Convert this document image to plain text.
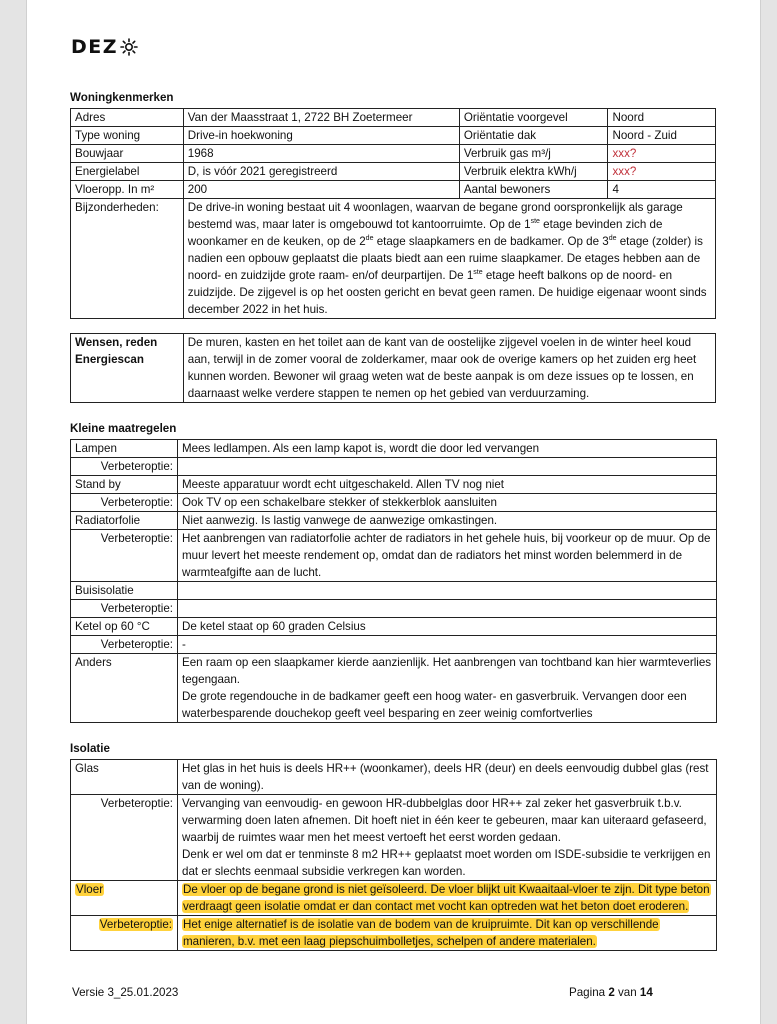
DEZ
Woningkenmerken
Adres	Van der Maasstraat 1, 2722 BH Zoetermeer	Oriëntatie voorgevel	Noord
Type woning	Drive-in hoekwoning	Oriëntatie dak	Noord - Zuid
Bouwjaar	1968	Verbruik gas m³/j	xxx?
Energielabel	D, is vóór 2021 geregistreerd	Verbruik elektra kWh/j	xxx?
Vloeropp. In m²	200	Aantal bewoners	4
Bijzonderheden:	De drive-in woning bestaat uit 4 woonlagen, waarvan de begane grond oorspronkelijk als garage bestemd was, maar later is omgebouwd tot kantoorruimte. Op de 1ste etage bevinden zich de woonkamer en de keuken, op de 2de etage slaapkamers en de badkamer. Op de 3de etage (zolder) is nadien een opbouw geplaatst die plaats biedt aan een ruime slaapkamer. De etages hebben aan de noord- en zuidzijde grote raam- en/of deurpartijen. De 1ste etage heeft balkons op de noord- en zuidzijde. De zijgevel is op het oosten gericht en bevat geen ramen. De huidige eigenaar woont sinds december 2022 in het huis.		
Wensen, reden
Energiescan	De muren, kasten en het toilet aan de kant van de oostelijke zijgevel voelen in de winter heel koud aan, terwijl in de zomer vooral de zolderkamer, maar ook de overige kamers op het zuiden erg heet kunnen worden. Bewoner wil graag weten wat de beste aanpak is om deze issues op te lossen, en daarnaast welke verdere stappen te nemen op het gebied van verduurzaming.
Kleine maatregelen
Lampen	Mees ledlampen. Als een lamp kapot is, wordt die door led vervangen
Verbeteroptie:	
Stand by	Meeste apparatuur wordt echt uitgeschakeld. Allen TV nog niet
Verbeteroptie:	Ook TV op een schakelbare stekker of stekkerblok aansluiten
Radiatorfolie	Niet aanwezig. Is lastig vanwege de aanwezige omkastingen.
Verbeteroptie:	Het aanbrengen van radiatorfolie achter de radiators in het gehele huis, bij voorkeur op de muur. Op de muur levert het meeste rendement op, omdat dan de radiators het minst worden belemmerd in de warmteafgifte aan de lucht.
Buisisolatie	
Verbeteroptie:	
Ketel op 60 °C	De ketel staat op 60 graden Celsius
Verbeteroptie:	-
Anders	Een raam op een slaapkamer kierde aanzienlijk. Het aanbrengen van tochtband kan hier warmteverlies tegengaan.
De grote regendouche in de badkamer geeft een hoog water- en gasverbruik. Vervangen door een waterbesparende douchekop geeft veel besparing en zeer weinig comfortverlies
Isolatie
Glas	Het glas in het huis is deels HR++ (woonkamer), deels HR (deur) en deels eenvoudig dubbel glas (rest van de woning).
Verbeteroptie:	Vervanging van eenvoudig- en gewoon HR-dubbelglas door HR++ zal zeker het gasverbruik t.b.v. verwarming doen laten afnemen. Dit hoeft niet in één keer te gebeuren, maar kan uiteraard gefaseerd, waarbij de ruimtes waar men het meest vertoeft het eerst worden gedaan.
Denk er wel om dat er tenminste 8 m2 HR++ geplaatst moet worden om ISDE-subsidie te verkrijgen en dat er slechts eenmaal subsidie verkregen kan worden.

Vloer	De vloer op de begane grond is niet geïsoleerd. De vloer blijkt uit Kwaaitaal-vloer te zijn. Dit type beton verdraagt geen isolatie omdat er dan contact met vocht kan optreden wat het beton doet eroderen.
Verbeteroptie:	Het enige alternatief is de isolatie van de bodem van de kruipruimte. Dit kan op verschillende manieren, b.v. met een laag piepschuimbolletjes, schelpen of andere materialen.
Versie 3_25.01.2023	Pagina 2 van 14
